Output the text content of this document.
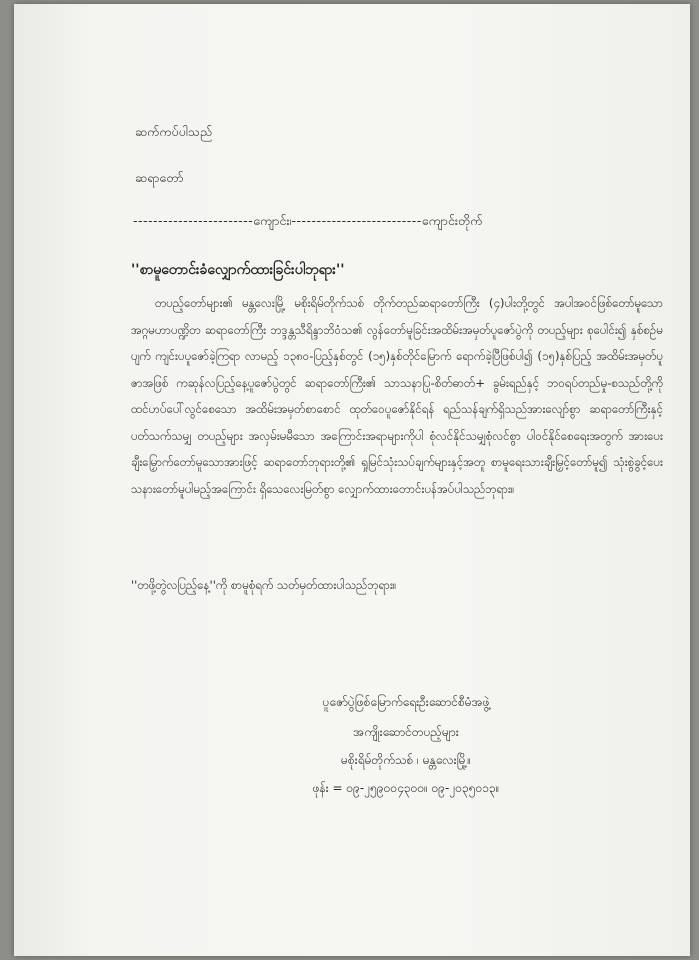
ဆက်ကပ်ပါသည်
ဆရာတော်
------------------------ကျောင်း၊--------------------------ကျောင်းတိုက်
''စာမူတောင်းခံလျှောက်ထားခြင်းပါဘုရား''

တပည့်တော်များ၏ မန္တလေးမြို့ မစိုးရိမ်တိုက်သစ် တိုက်တည်ဆရာတော်ကြီး (၄)ပါးတို့တွင် အပါအဝင်ဖြစ်တော်မူသော အဂ္ဂမဟာပဏ္ဍိတ ဆရာတော်ကြီး ဘဒ္ဒန္တသီရိန္ဒာဘိဝံသ၏ လွန်တော်မူခြင်းအထိမ်းအမှတ်ပူဇော်ပွဲကို တပည့်များ စုပေါင်း၍ နှစ်စဉ်မပျက် ကျင်းပပူဇော်ခဲ့ကြရာ လာမည့် ၁၃၈၀-ပြည့်နှစ်တွင် (၁၅)နှစ်တိုင်မြောက် ရောက်ခဲ့ပြီဖြစ်ပါ၍ (၁၅)နှစ်ပြည့် အထိမ်းအမှတ်ပူဇာအဖြစ် ကဆုန်လပြည့်နေ့ပူဇော်ပွဲတွင် ဆရာတော်ကြီး၏ သာသနာပြု-စိတ်ဓာတ်+ ခွမ်းရည်နှင့် ဘဝရပ်တည်မှု-စသည်တို့ကို ထင်ဟပ်ပေါ်လွင်စေသော အထိမ်းအမှတ်စာစောင် ထုတ်ဝေပူဇော်နိုင်ရန် ရည်သန်ချက်ရှိသည်အားလျော်စွာ ဆရာတော်ကြီးနှင့်ပတ်သက်သမျှ တပည့်များ အလှမ်းမမီသော အကြောင်းအရာများကိုပါ စုံလင်နိုင်သမျှစုံလင်စွာ ပါဝင်နိုင်စေရေးအတွက် အားပေးချီးမြှောက်တော်မူသောအားဖြင့် ဆရာတော်ဘုရားတို့၏ ရှုမြင်သုံးသပ်ချက်များနှင့်အတူ စာမူရေးသားချီးမြှင့်တော်မူ၍ သုံးစွဲခွင့်ပေးသနားတော်မူပါမည့်အကြောင်း ရှိသေလေးမြတ်စွာ လျှောက်ထားတောင်းပန်အပ်ပါသည်ဘုရား။

''တဖို့တွဲလပြည့်နေ့''ကို စာမူစုံရက် သတ်မှတ်ထားပါသည်ဘုရား။
ပူဇော်ပွဲဖြစ်မြောက်ရေးဦးဆောင်စီမံအဖွဲ့
အကျိုးဆောင်တပည့်များ
မစိုးရိမ်တိုက်သစ် ၊ မန္တလေးမြို့။
ဖုန်း = ၀၉-၂၅၉၀၀၄၃၀၀။ ၀၉-၂၀၃၅၀၁၃။
